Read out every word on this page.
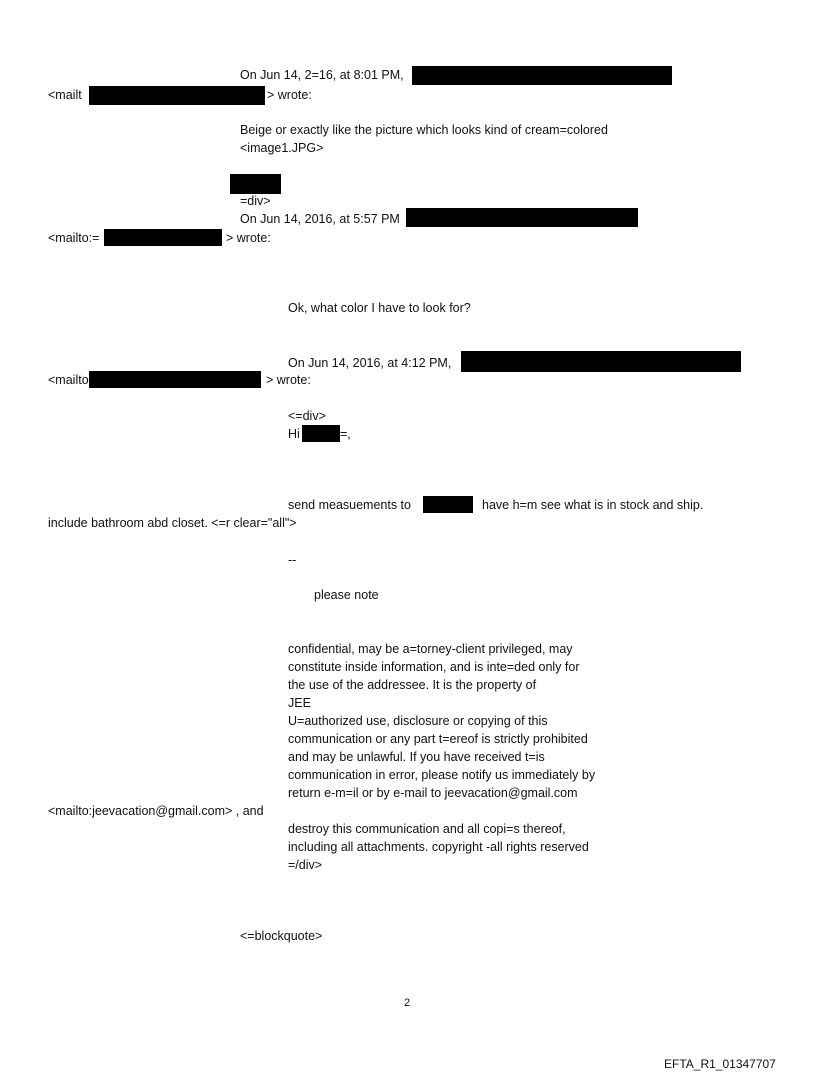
On Jun 14, 2=16, at 8:01 PM,
<mailt	> wrote:
Beige or exactly like the picture which looks kind of cream=colored
<image1.JPG>
=div>
On Jun 14, 2016, at 5:57 PM
<mailto:=	> wrote:
Ok, what color I have to look for?
On Jun 14, 2016, at 4:12 PM,
<mailto	> wrote:
<=div>
Hi	=,
send measuements to	have h=m see what is in stock and ship.
include bathroom abd closet. <=r clear="all">
--
please note
confidential, may be a=torney-client privileged, may
constitute inside information, and is inte=ded only for
the use of the addressee. It is the property of
JEE
U=authorized use, disclosure or copying of this
communication or any part t=ereof is strictly prohibited
and may be unlawful. If you have received t=is
communication in error, please notify us immediately by
return e-m=il or by e-mail to jeevacation@gmail.com
<mailto:jeevacation@gmail.com> , and
destroy this communication and all copi=s thereof,
including all attachments. copyright -all rights reserved
=/div>
<=blockquote>
2
EFTA_R1_01347707
